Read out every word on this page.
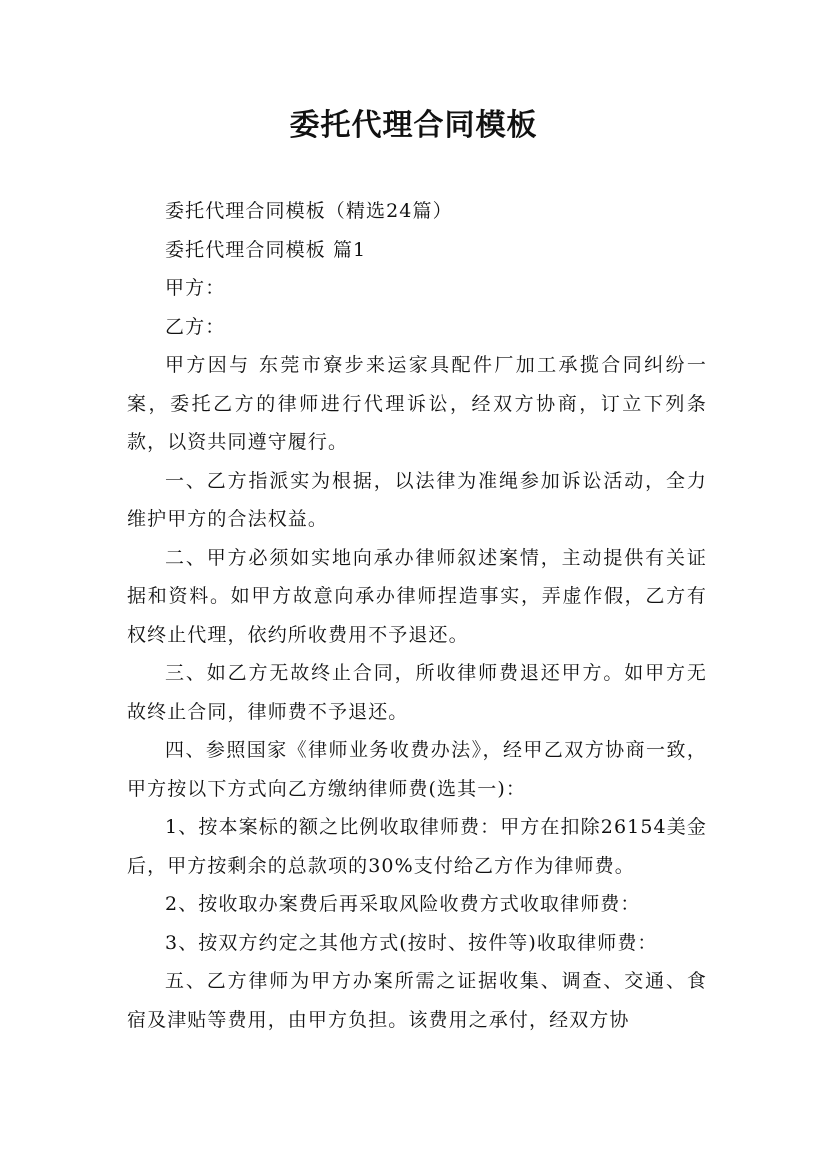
委托代理合同模板

委托代理合同模板（精选24篇）

委托代理合同模板 篇1

甲方：

乙方：

甲方因与 东莞市寮步来运家具配件厂加工承揽合同纠纷一案，委托乙方的律师进行代理诉讼，经双方协商，订立下列条款，以资共同遵守履行。

一、乙方指派实为根据，以法律为准绳参加诉讼活动，全力维护甲方的合法权益。

二、甲方必须如实地向承办律师叙述案情，主动提供有关证据和资料。如甲方故意向承办律师捏造事实，弄虚作假，乙方有权终止代理，依约所收费用不予退还。

三、如乙方无故终止合同，所收律师费退还甲方。如甲方无故终止合同，律师费不予退还。

四、参照国家《律师业务收费办法》，经甲乙双方协商一致，甲方按以下方式向乙方缴纳律师费(选其一)：

1、按本案标的额之比例收取律师费：甲方在扣除26154美金后，甲方按剩余的总款项的30%支付给乙方作为律师费。

2、按收取办案费后再采取风险收费方式收取律师费：

3、按双方约定之其他方式(按时、按件等)收取律师费：

五、乙方律师为甲方办案所需之证据收集、调查、交通、食宿及津贴等费用，由甲方负担。该费用之承付，经双方协
